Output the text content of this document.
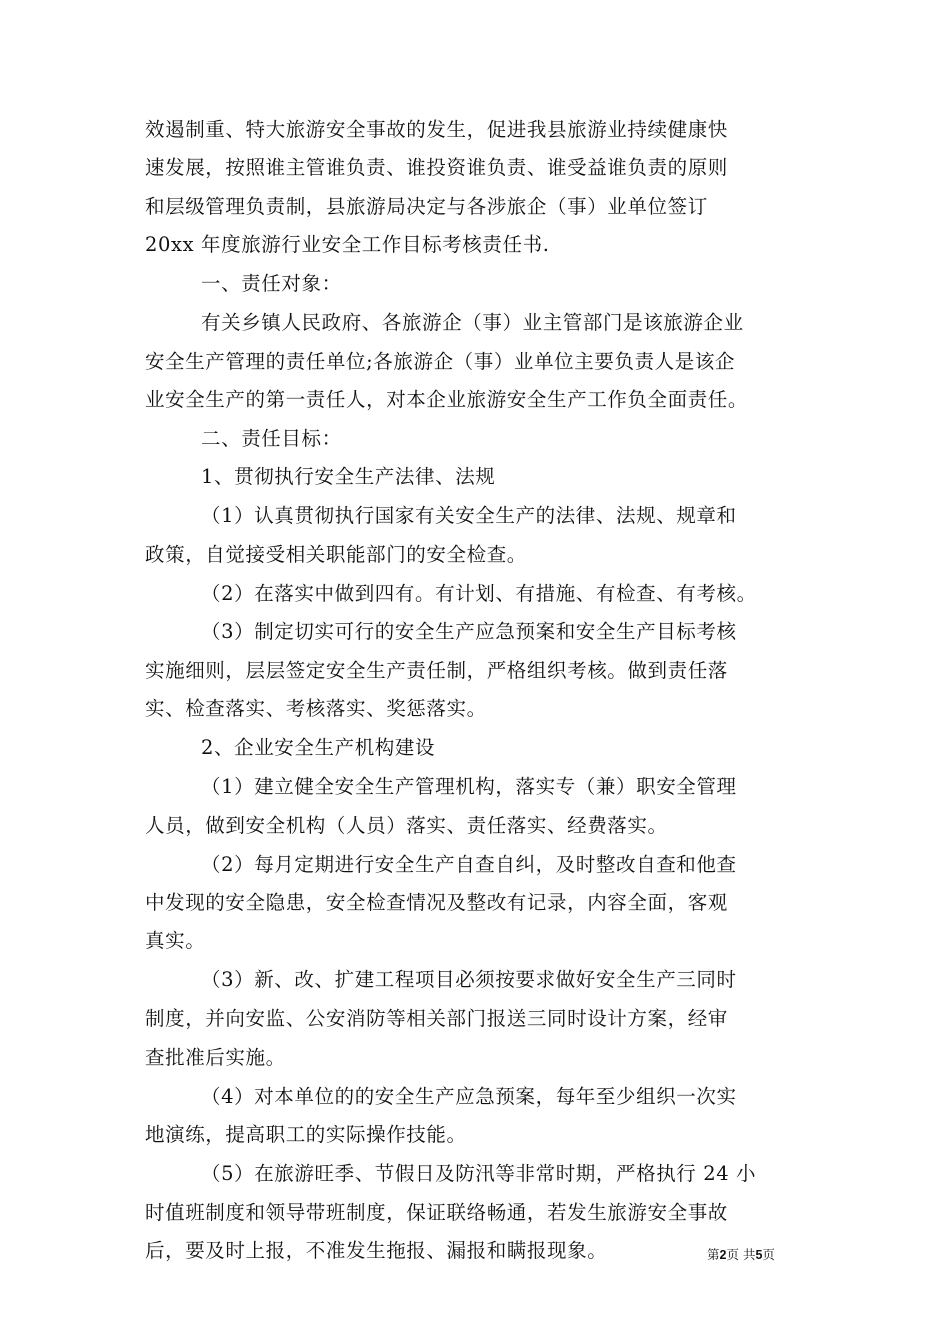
效遏制重、特大旅游安全事故的发生，促进我县旅游业持续健康快
速发展，按照谁主管谁负责、谁投资谁负责、谁受益谁负责的原则
和层级管理负责制，县旅游局决定与各涉旅企（事）业单位签订
20xx 年度旅游行业安全工作目标考核责任书.
一、责任对象：
有关乡镇人民政府、各旅游企（事）业主管部门是该旅游企业
安全生产管理的责任单位;各旅游企（事）业单位主要负责人是该企
业安全生产的第一责任人，对本企业旅游安全生产工作负全面责任。
二、责任目标：
1、贯彻执行安全生产法律、法规
（1）认真贯彻执行国家有关安全生产的法律、法规、规章和
政策，自觉接受相关职能部门的安全检查。
（2）在落实中做到四有。有计划、有措施、有检查、有考核。
（3）制定切实可行的安全生产应急预案和安全生产目标考核
实施细则，层层签定安全生产责任制，严格组织考核。做到责任落
实、检查落实、考核落实、奖惩落实。
2、企业安全生产机构建设
（1）建立健全安全生产管理机构，落实专（兼）职安全管理
人员，做到安全机构（人员）落实、责任落实、经费落实。
（2）每月定期进行安全生产自查自纠，及时整改自查和他查
中发现的安全隐患，安全检查情况及整改有记录，内容全面，客观
真实。
（3）新、改、扩建工程项目必须按要求做好安全生产三同时
制度，并向安监、公安消防等相关部门报送三同时设计方案，经审
查批准后实施。
（4）对本单位的的安全生产应急预案，每年至少组织一次实
地演练，提高职工的实际操作技能。
（5）在旅游旺季、节假日及防汛等非常时期，严格执行 24 小
时值班制度和领导带班制度，保证联络畅通，若发生旅游安全事故
后，要及时上报，不准发生拖报、漏报和瞒报现象。	第2页 共5页
